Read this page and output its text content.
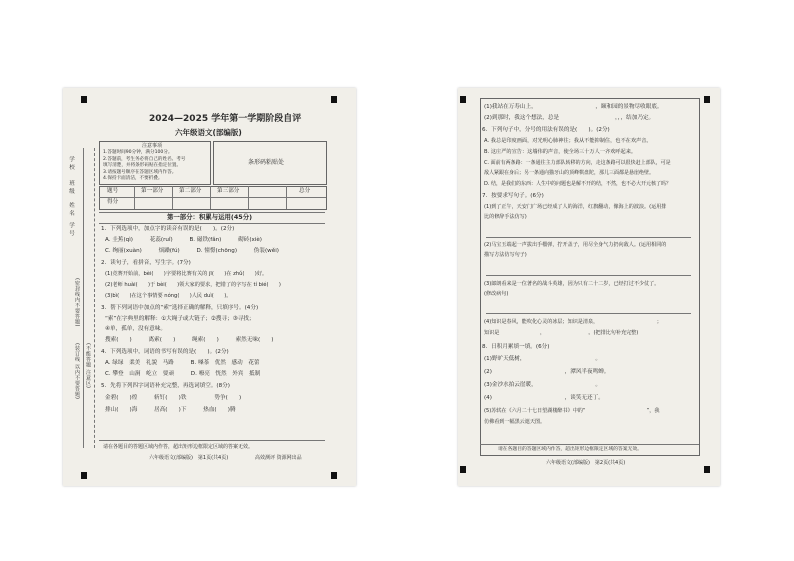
学 校
班 级
姓 名
学 号
(密封线内不要答题)
(装订线 以内不要答题) (不能答题 注意区)
2024—2025 学年第一学期阶段自评
六年级语文(部编版)
注意事项
1.答题时间90分钟，满分100分。
2.答题前，考生务必将自己的姓名、考号
填写清楚，并将条形码贴在指定位置。
3.请按题号顺序在答题区域内作答。
4.保持卡面清洁，不要折叠。
条形码粘贴处
题号	第一部分	第二部分	第三部分	总分
得分
第一部分：积累与运用(45分)
1．下列选项中，加点字的读音有误的是(　　)。(2分)
A. 圭蕉(qì)　　　花蕊(ruǐ)　　　B. 磁铁(fǎn)　　　砌砖(xiè)
C. 绚丽(xuàn)　　　烦躁(fú)　　　D. 憧憬(chōng)　　　伪装(wěi)
2．读句子，看拼音，写生字。(7分)
(1)竞赛开始前，bèi(　　)字要将比赛有关的 jī(　　)在 zhǔ(　　)好。
(2)老师 huài(　　)于 bèi(　　)领大家的要求，把错了的字写在 tí bié(　　)
(3)bì(　　)在这个事情要 nóng(　　)人民 duì(　　)。
3．帮下列词语中加点的“索”选择正确的解释，只填序号。(4分)
“索”在字典里的解释：①大绳子或大链子；②搜寻；③寻找；
④单，孤单，没有意味。
搜索(　　)　　　离索(　　)　　　绳索(　　)　　　索然无味(　　)
4．下列选项中，词语的书写有误的是(　　)。(2分)
A. 绿绿　柔美　礼貌　马路　　　B. 嗓茶　优然　感动　花蕾
C. 攀登　山涧　屹立　要顽　　　D. 嘹亮　恍然　外宾　抵制
5．先将下列四字词语补充完整，再选词填空。(8分)
金碧(　　)煌　　　斩钉(　　)铁　　　　　势争(　　)
排山(　　)海　　　居高(　　)下　　　热血(　　)腾
请在各题目的答题区域内作答，超出矩形边框限定区域的答案无效。
六年级语文(部编版)　第1页(共4页)	高效测评 资源网出品
(1)我站在万寿山上，　　　　　　　　　　　，颐和园的景物尽收眼底。
(2)到那时，我这个想法，总是　　　　　　　　　　，，，结加乃定。
6．下列句子中，分号的用法有误的是(　　)。(2分)
A. 我总是印度画面，对光明心肺神往；我从不能抑制住，也不在欢声音。
B. 这庄严的宣告：这墙伟的声音，使全场三十万人一齐欢呼起来。
C. 面前有两条路：一条通往主力部队转移的方向，走这条路可以很快赶上部队，可是
敌人紧跟在身后；另一条通向猫牙山的顶峰棋盘陀，那儿三面都是悬崖绝壁。
D. 结，是我们的东西：人生中的问题也是解不开的结，不然，也不必大开元核了吗？
7．按要求写句子。(6分)
(1)到了正午，天安门广场已经成了人的海洋，红旗翻动，像海上的波浪。(运用排
比的修辞手法仿写)
(2)马宝玉端起一声拔出手榴弹，拧开盖子，用尽全身气力扔向敌人。(运用相同的
描写方法仿写句子)
(3)郎朗看来是一位著名的战斗英雄，因为只有二十二岁，已经打过不少仗了。
(修改病句)
(4)知识是春风，能吹化心灵的冰层；知识是清泉，　　　　　　　　　　　　；
知识是　　　　　　　　，　　　　　　　　　。(把排比句补充完整)
8．日积月累填一填。(6分)
(1)野旷天低树，　　　　　　　　　　　　　。
(2)　　　　　　　　　　　　　，潭风半夜鸣蝉。
(3)金沙水拍云崖暖，　　　　　　　　　　　。
(4)　　　　　　　　　　　　　，谈笑无还丁。
(5)苏轼在《六月二十七日望湖楼醉书》中的“　　　　　　　　　　　　”，我
仿佛看到一幅黑云遮天图。
请在各题目的答题区域内作答，超出矩形边框限定区域的答案无效。
六年级语文(部编版)　第2页(共4页)
